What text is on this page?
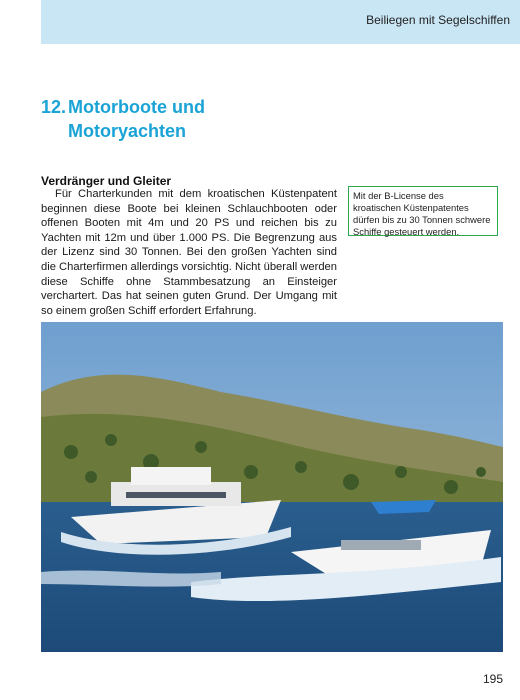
Beiliegen mit Segelschiffen
12. Motorboote und
Motoryachten
Verdränger und Gleiter

Für Charterkunden mit dem kroatischen Küstenpatent beginnen diese Boote bei kleinen Schlauchbooten oder offenen Booten mit 4m und 20 PS und reichen bis zu Yachten mit 12m und über 1.000 PS. Die Begrenzung aus der Lizenz sind 30 Tonnen. Bei den großen Yachten sind die Charterfirmen allerdings vorsichtig. Nicht überall werden diese Schiffe ohne Stammbesatzung an Einsteiger verchartert. Das hat seinen guten Grund. Der Umgang mit so einem großen Schiff erfordert Erfahrung.

Mit der B-License des kroatischen Küstenpatentes dürfen bis zu 30 Tonnen schwere Schiffe gesteuert werden.
195
